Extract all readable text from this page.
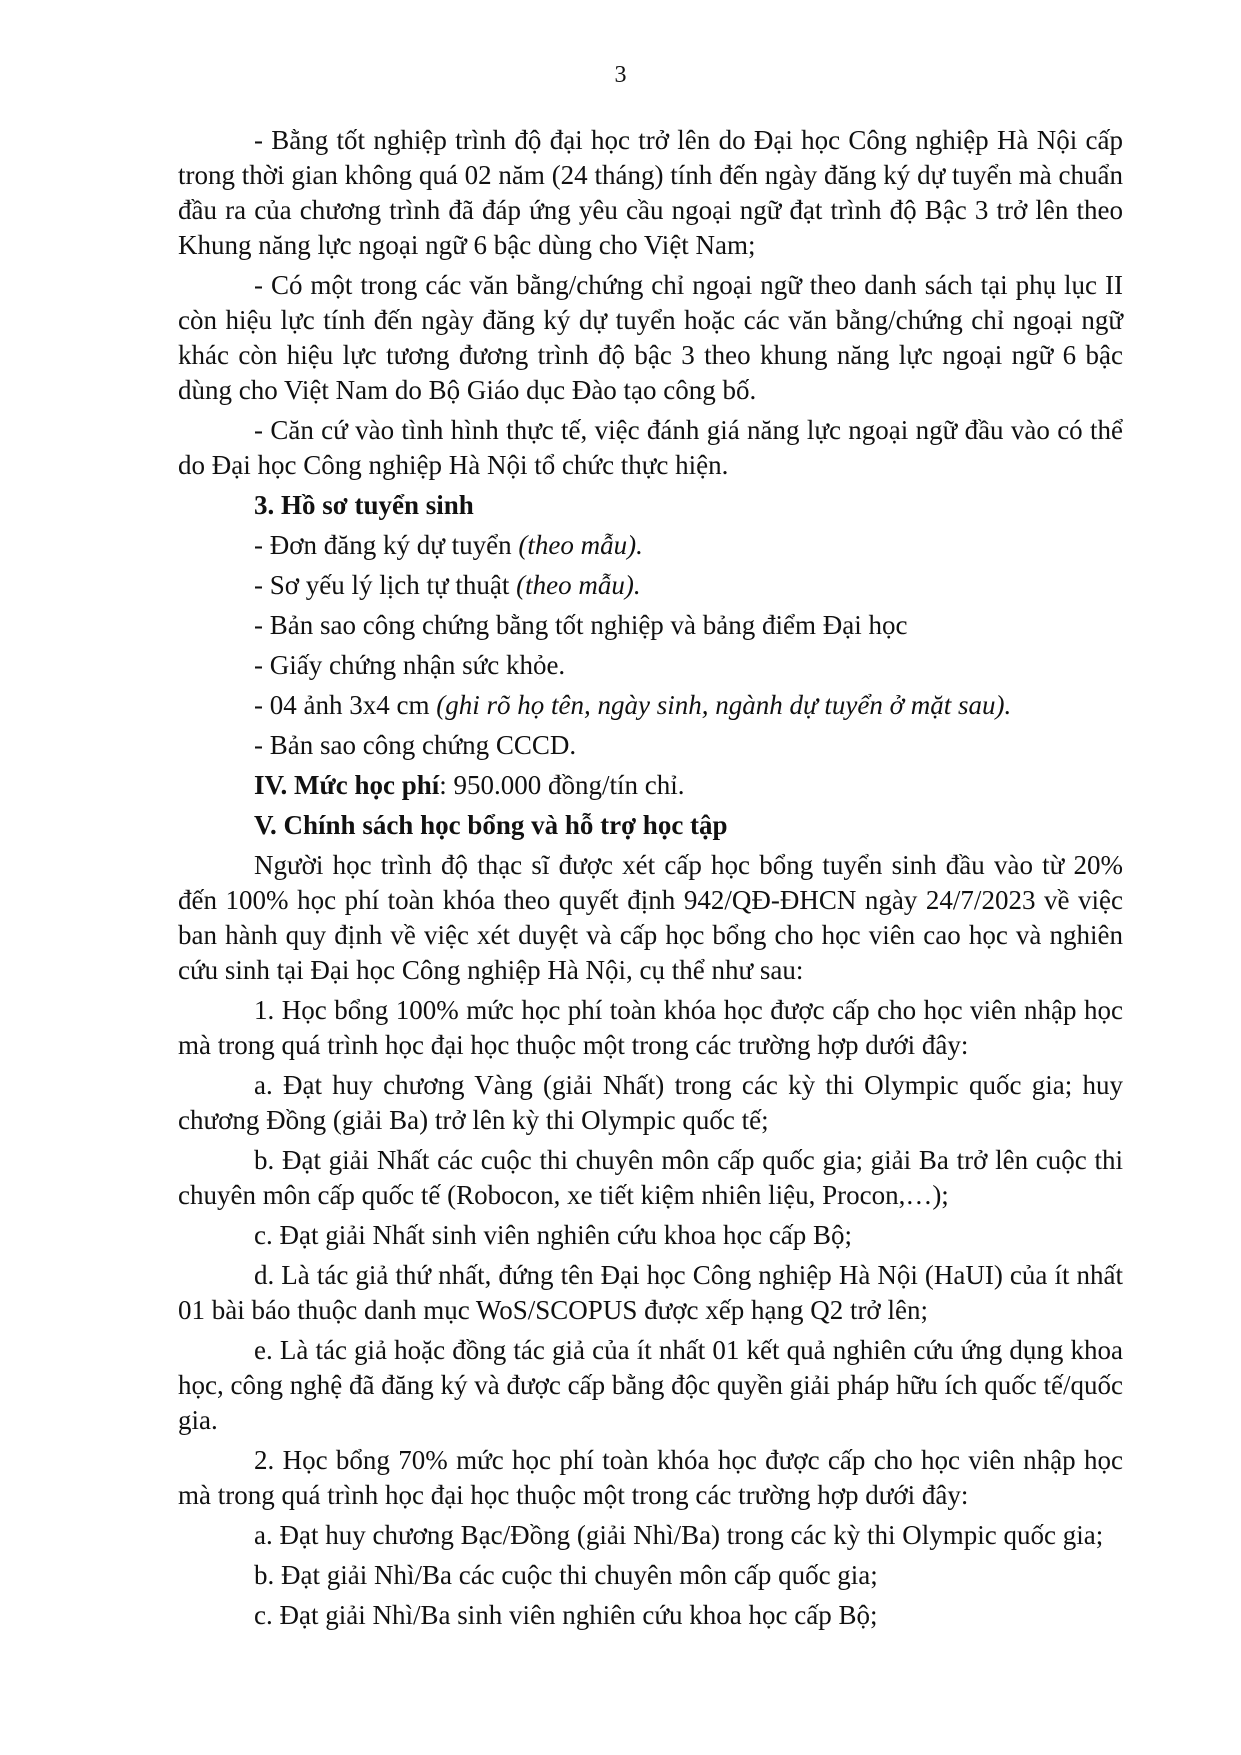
3

- Bằng tốt nghiệp trình độ đại học trở lên do Đại học Công nghiệp Hà Nội cấp trong thời gian không quá 02 năm (24 tháng) tính đến ngày đăng ký dự tuyển mà chuẩn đầu ra của chương trình đã đáp ứng yêu cầu ngoại ngữ đạt trình độ Bậc 3 trở lên theo Khung năng lực ngoại ngữ 6 bậc dùng cho Việt Nam;

- Có một trong các văn bằng/chứng chỉ ngoại ngữ theo danh sách tại phụ lục II còn hiệu lực tính đến ngày đăng ký dự tuyển hoặc các văn bằng/chứng chỉ ngoại ngữ khác còn hiệu lực tương đương trình độ bậc 3 theo khung năng lực ngoại ngữ 6 bậc dùng cho Việt Nam do Bộ Giáo dục Đào tạo công bố.

- Căn cứ vào tình hình thực tế, việc đánh giá năng lực ngoại ngữ đầu vào có thể do Đại học Công nghiệp Hà Nội tổ chức thực hiện.

3. Hồ sơ tuyển sinh

- Đơn đăng ký dự tuyển (theo mẫu).

- Sơ yếu lý lịch tự thuật (theo mẫu).

- Bản sao công chứng bằng tốt nghiệp và bảng điểm Đại học

- Giấy chứng nhận sức khỏe.

- 04 ảnh 3x4 cm (ghi rõ họ tên, ngày sinh, ngành dự tuyển ở mặt sau).

- Bản sao công chứng CCCD.

IV. Mức học phí: 950.000 đồng/tín chỉ.

V. Chính sách học bổng và hỗ trợ học tập

Người học trình độ thạc sĩ được xét cấp học bổng tuyển sinh đầu vào từ 20% đến 100% học phí toàn khóa theo quyết định 942/QĐ-ĐHCN ngày 24/7/2023 về việc ban hành quy định về việc xét duyệt và cấp học bổng cho học viên cao học và nghiên cứu sinh tại Đại học Công nghiệp Hà Nội, cụ thể như sau:

1. Học bổng 100% mức học phí toàn khóa học được cấp cho học viên nhập học mà trong quá trình học đại học thuộc một trong các trường hợp dưới đây:

a. Đạt huy chương Vàng (giải Nhất) trong các kỳ thi Olympic quốc gia; huy chương Đồng (giải Ba) trở lên kỳ thi Olympic quốc tế;

b. Đạt giải Nhất các cuộc thi chuyên môn cấp quốc gia; giải Ba trở lên cuộc thi chuyên môn cấp quốc tế (Robocon, xe tiết kiệm nhiên liệu, Procon,…);

c. Đạt giải Nhất sinh viên nghiên cứu khoa học cấp Bộ;

d. Là tác giả thứ nhất, đứng tên Đại học Công nghiệp Hà Nội (HaUI) của ít nhất 01 bài báo thuộc danh mục WoS/SCOPUS được xếp hạng Q2 trở lên;

e. Là tác giả hoặc đồng tác giả của ít nhất 01 kết quả nghiên cứu ứng dụng khoa học, công nghệ đã đăng ký và được cấp bằng độc quyền giải pháp hữu ích quốc tế/quốc gia.

2. Học bổng 70% mức học phí toàn khóa học được cấp cho học viên nhập học mà trong quá trình học đại học thuộc một trong các trường hợp dưới đây:

a. Đạt huy chương Bạc/Đồng (giải Nhì/Ba) trong các kỳ thi Olympic quốc gia;

b. Đạt giải Nhì/Ba các cuộc thi chuyên môn cấp quốc gia;

c. Đạt giải Nhì/Ba sinh viên nghiên cứu khoa học cấp Bộ;
